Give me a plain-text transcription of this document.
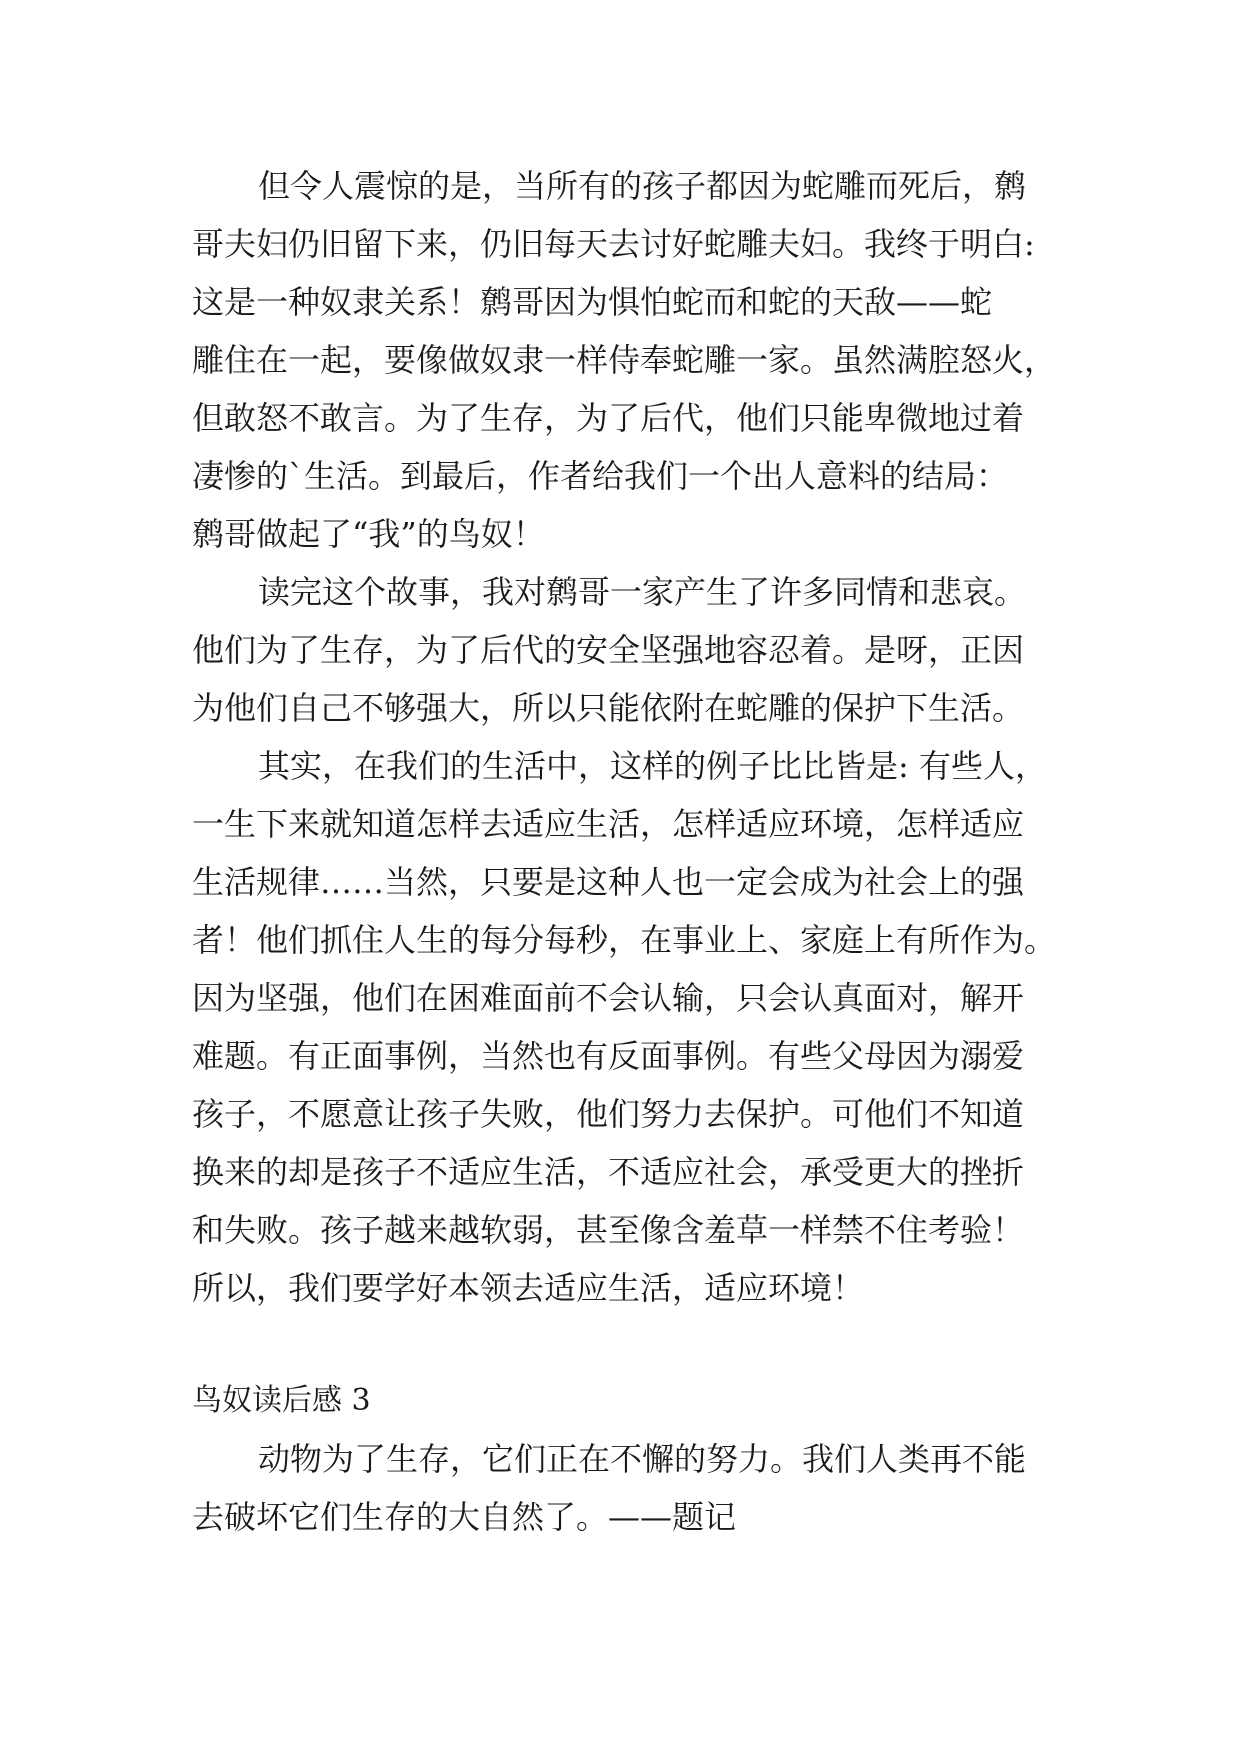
但令人震惊的是，当所有的孩子都因为蛇雕而死后，鹩
哥夫妇仍旧留下来，仍旧每天去讨好蛇雕夫妇。我终于明白:
这是一种奴隶关系！鹩哥因为惧怕蛇而和蛇的天敌——蛇
雕住在一起，要像做奴隶一样侍奉蛇雕一家。虽然满腔怒火，
但敢怒不敢言。为了生存，为了后代，他们只能卑微地过着
凄惨的`生活。到最后，作者给我们一个出人意料的结局：
鹩哥做起了“我”的鸟奴！
读完这个故事，我对鹩哥一家产生了许多同情和悲哀。
他们为了生存，为了后代的安全坚强地容忍着。是呀，正因
为他们自己不够强大，所以只能依附在蛇雕的保护下生活。
其实，在我们的生活中，这样的例子比比皆是: 有些人，
一生下来就知道怎样去适应生活，怎样适应环境，怎样适应
生活规律……当然，只要是这种人也一定会成为社会上的强
者！他们抓住人生的每分每秒，在事业上、家庭上有所作为。
因为坚强，他们在困难面前不会认输，只会认真面对，解开
难题。有正面事例，当然也有反面事例。有些父母因为溺爱
孩子，不愿意让孩子失败，他们努力去保护。可他们不知道
换来的却是孩子不适应生活，不适应社会，承受更大的挫折
和失败。孩子越来越软弱，甚至像含羞草一样禁不住考验！
所以，我们要学好本领去适应生活，适应环境！
鸟奴读后感 3
动物为了生存，它们正在不懈的努力。我们人类再不能
去破坏它们生存的大自然了。——题记
